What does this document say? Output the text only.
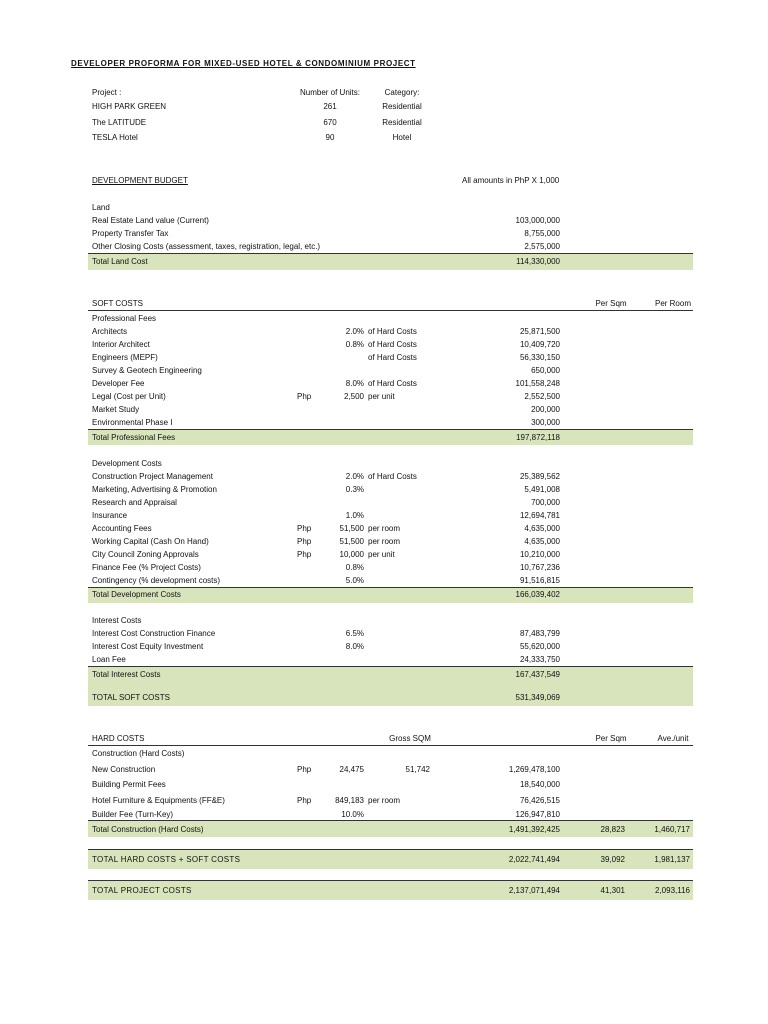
DEVELOPER PROFORMA FOR MIXED-USED HOTEL & CONDOMINIUM PROJECT
Project :	Number of Units:	Category:
HIGH PARK GREEN	261	Residential
The LATITUDE	670	Residential
TESLA Hotel	90	Hotel
DEVELOPMENT BUDGET	All amounts in PhP X 1,000
Land
Real Estate Land value (Current)	103,000,000
Property Transfer Tax	8,755,000
Other Closing Costs (assessment, taxes, registration, legal, etc.)	2,575,000
Total Land Cost	114,330,000
SOFT COSTS	Per Sqm	Per Room
Professional Fees
Architects	2.0% of Hard Costs	25,871,500
Interior Architect	0.8% of Hard Costs	10,409,720
Engineers (MEPF)	of Hard Costs	56,330,150
Survey & Geotech Engineering	650,000
Developer Fee	8.0% of Hard Costs	101,558,248
Legal (Cost per Unit)	Php	2,500 per unit	2,552,500
Market Study	200,000
Environmental Phase I	300,000
Total Professional Fees	197,872,118
Development Costs
Construction Project Management	2.0% of Hard Costs	25,389,562
Marketing, Advertising & Promotion	0.3%	5,491,008
Research and Appraisal	700,000
Insurance	1.0%	12,694,781
Accounting Fees	Php	51,500 per room	4,635,000
Working Capital (Cash On Hand)	Php	51,500 per room	4,635,000
City Council Zoning Approvals	Php	10,000 per unit	10,210,000
Finance Fee (% Project Costs)	0.8%	10,767,236
Contingency (% development costs)	5.0%	91,516,815
Total Development Costs	166,039,402
Interest Costs
Interest Cost Construction Finance	6.5%	87,483,799
Interest Cost Equity Investment	8.0%	55,620,000
Loan Fee	24,333,750
Total Interest Costs	167,437,549
TOTAL SOFT COSTS	531,349,069
HARD COSTS	Gross SQM	Per Sqm	Ave./unit
Construction (Hard Costs)
New Construction	Php	24,475	51,742	1,269,478,100
Building Permit Fees	18,540,000
Hotel Furniture & Equipments (FF&E)	Php	849,183 per room	76,426,515
Builder Fee (Turn-Key)	10.0%	126,947,810
Total Construction (Hard Costs)	1,491,392,425	28,823	1,460,717
TOTAL HARD COSTS + SOFT COSTS	2,022,741,494	39,092	1,981,137
TOTAL PROJECT COSTS	2,137,071,494	41,301	2,093,116
